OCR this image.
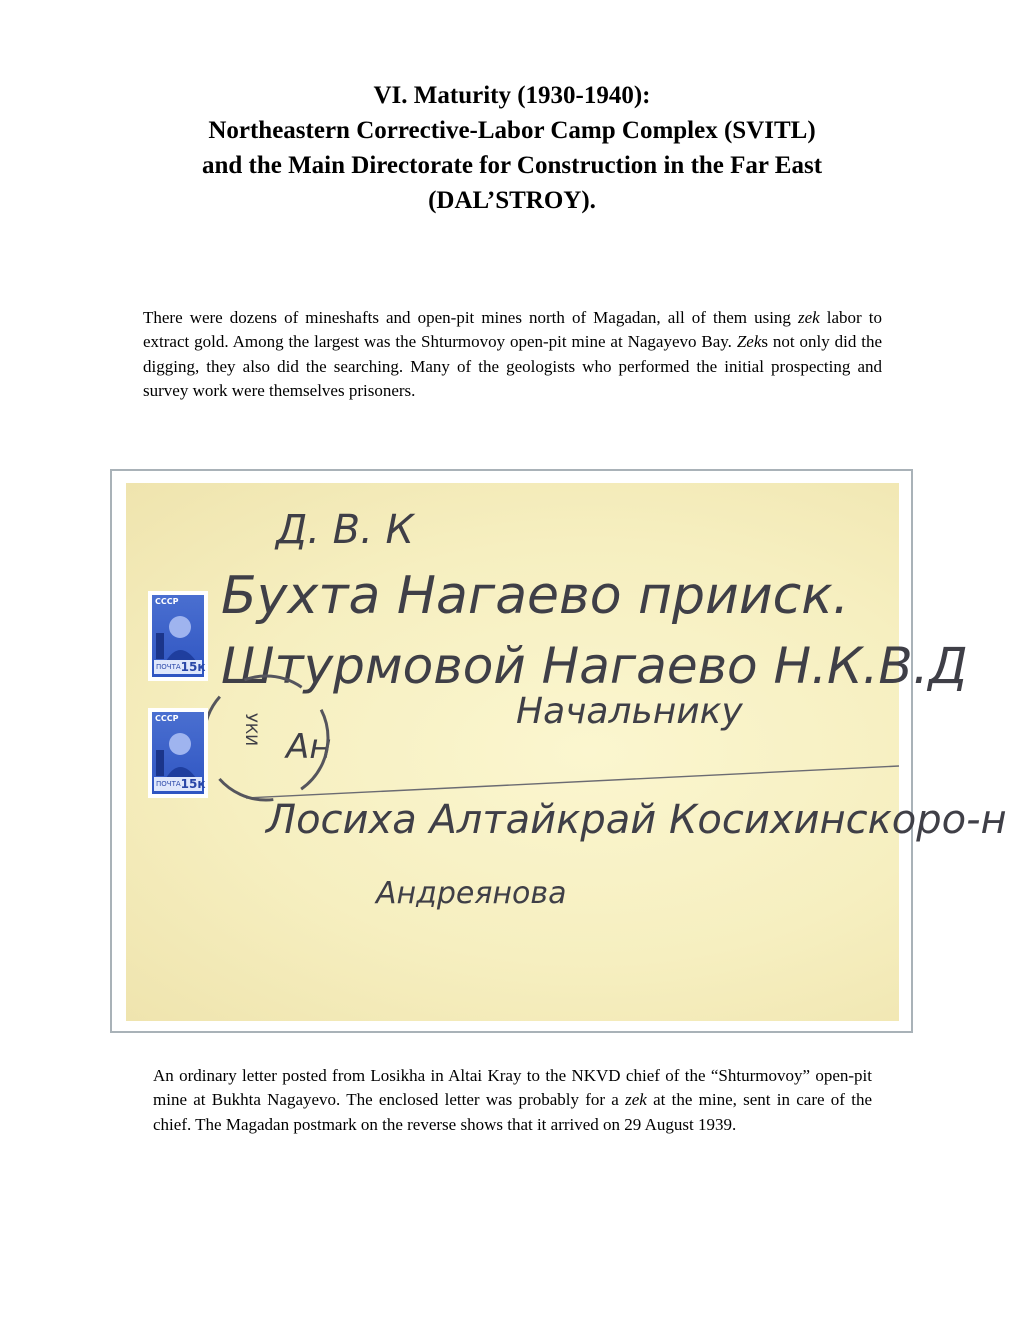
VI. Maturity (1930-1940):
Northeastern Corrective-Labor Camp Complex (SVITL)
and the Main Directorate for Construction in the Far East
(DAL’STROY).
There were dozens of mineshafts and open-pit mines north of Magadan, all of them using zek labor to extract gold. Among the largest was the Shturmovoy open-pit mine at Nagayevo Bay. Zeks not only did the digging, they also did the searching. Many of the geologists who performed the initial prospecting and survey work were themselves prisoners.
Д. В. К
Бухта Нагаево прииск.
Штурмовой Нагаево Н.К.В.Д
Начальнику
Ан
Лосиха Алтайкрай Косихинскоро-н
Андреянова
УКИ
СССР
ПОЧТА 15к
СССР
ПОЧТА 15к
An ordinary letter posted from Losikha in Altai Kray to the NKVD chief of the “Shturmovoy” open-pit mine at Bukhta Nagayevo. The enclosed letter was probably for a zek at the mine, sent in care of the chief. The Magadan postmark on the reverse shows that it arrived on 29 August 1939.
